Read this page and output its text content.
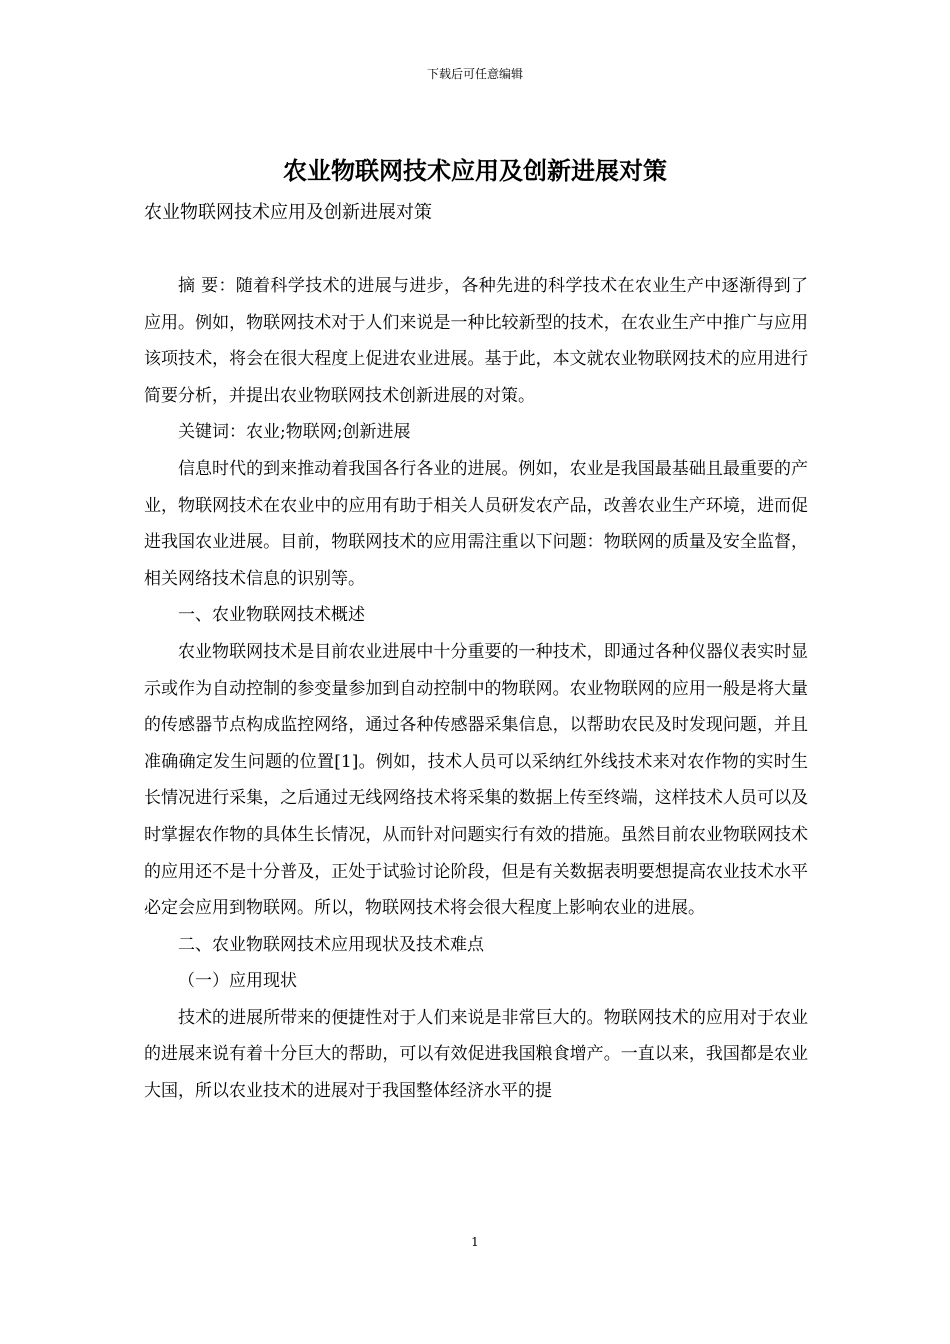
下载后可任意编辑
农业物联网技术应用及创新进展对策
农业物联网技术应用及创新进展对策

摘 要：随着科学技术的进展与进步，各种先进的科学技术在农业生产中逐渐得到了应用。例如，物联网技术对于人们来说是一种比较新型的技术，在农业生产中推广与应用该项技术，将会在很大程度上促进农业进展。基于此，本文就农业物联网技术的应用进行简要分析，并提出农业物联网技术创新进展的对策。

关键词：农业;物联网;创新进展

信息时代的到来推动着我国各行各业的进展。例如，农业是我国最基础且最重要的产业，物联网技术在农业中的应用有助于相关人员研发农产品，改善农业生产环境，进而促进我国农业进展。目前，物联网技术的应用需注重以下问题：物联网的质量及安全监督，相关网络技术信息的识别等。

一、农业物联网技术概述

农业物联网技术是目前农业进展中十分重要的一种技术，即通过各种仪器仪表实时显示或作为自动控制的参变量参加到自动控制中的物联网。农业物联网的应用一般是将大量的传感器节点构成监控网络，通过各种传感器采集信息，以帮助农民及时发现问题，并且准确确定发生问题的位置[1]。例如，技术人员可以采纳红外线技术来对农作物的实时生长情况进行采集，之后通过无线网络技术将采集的数据上传至终端，这样技术人员可以及时掌握农作物的具体生长情况，从而针对问题实行有效的措施。虽然目前农业物联网技术的应用还不是十分普及，正处于试验讨论阶段，但是有关数据表明要想提高农业技术水平必定会应用到物联网。所以，物联网技术将会很大程度上影响农业的进展。

二、农业物联网技术应用现状及技术难点

（一）应用现状

技术的进展所带来的便捷性对于人们来说是非常巨大的。物联网技术的应用对于农业的进展来说有着十分巨大的帮助，可以有效促进我国粮食增产。一直以来，我国都是农业大国，所以农业技术的进展对于我国整体经济水平的提

1
